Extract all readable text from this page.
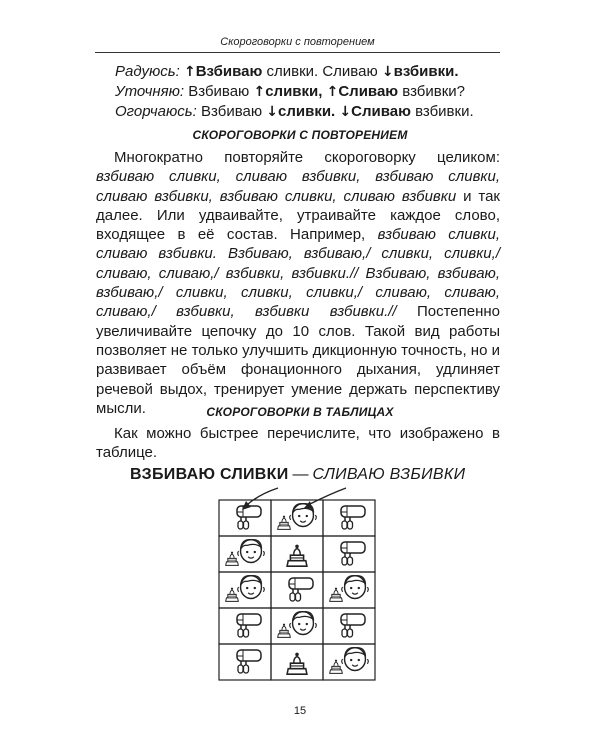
Скороговорки с повторением
Радуюсь: ↑Взбиваю сливки. Сливаю ↓взбивки.
Уточняю: Взбиваю ↑сливки, ↑Сливаю взбивки?
Огорчаюсь: Взбиваю ↓сливки. ↓Сливаю взбивки.
СКОРОГОВОРКИ С ПОВТОРЕНИЕМ
Многократно повторяйте скороговорку целиком: взбиваю сливки, сливаю взбивки, взбиваю сливки, сливаю взбивки, взбиваю сливки, сливаю взбивки и так далее. Или удваивайте, утраивайте каждое слово, входящее в её состав. Например, взбиваю сливки, сливаю взбивки. Взбиваю, взбиваю,/ сливки, сливки,/ сливаю, сливаю,/ взбивки, взбивки.// Взбиваю, взбиваю, взбиваю,/ сливки, сливки, сливки,/ сливаю, сливаю, сливаю,/ взбивки, взбивки взбивки.// Постепенно увеличивайте цепочку до 10 слов. Такой вид работы позволяет не только улучшить дикционную точность, но и развивает объём фонационного дыхания, удлиняет речевой выдох, тренирует умение держать перспективу мысли.	СКОРОГОВОРКИ В ТАБЛИЦАХ
Как можно быстрее перечислите, что изображено в таблице.
ВЗБИВАЮ СЛИВКИ — СЛИВАЮ ВЗБИВКИ
15
